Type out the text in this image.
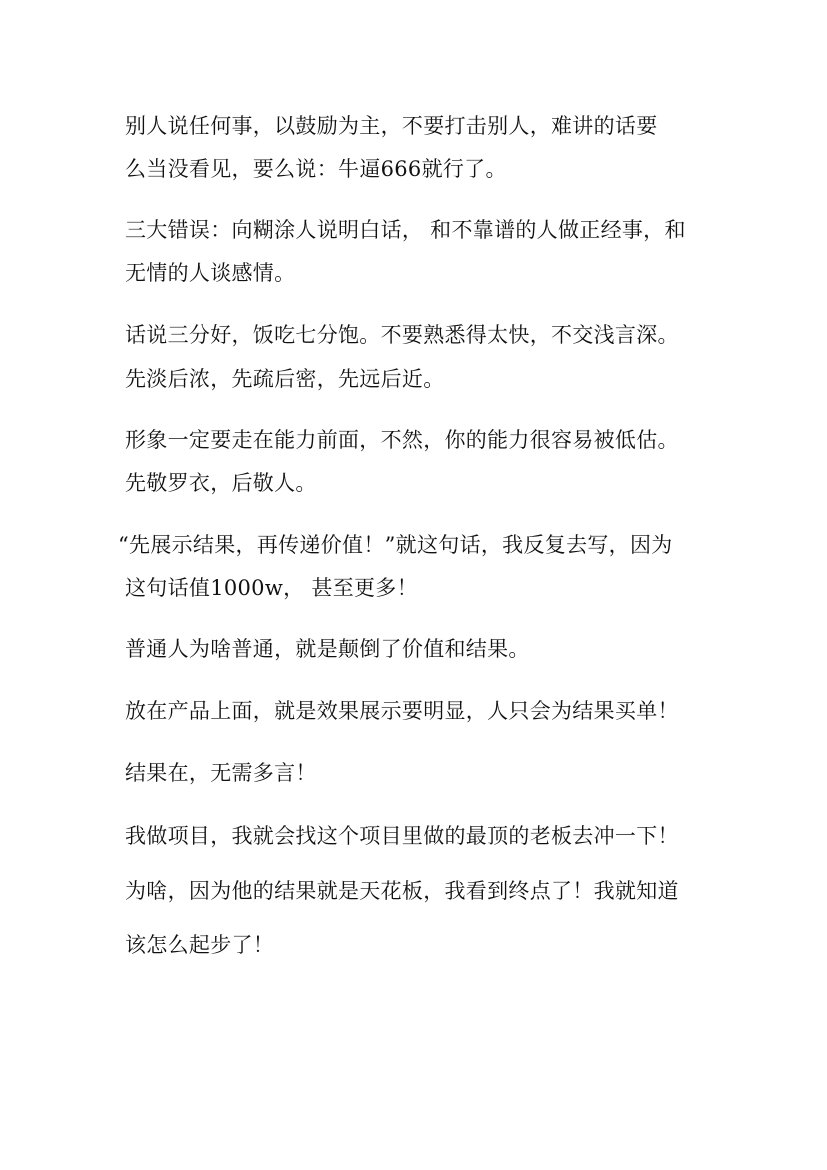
别人说任何事，以鼓励为主，不要打击别人，难讲的话要
么当没看见，要么说：牛逼666就行了。
三大错误：向糊涂人说明白话， 和不靠谱的人做正经事，和
无情的人谈感情。
话说三分好，饭吃七分饱。不要熟悉得太快，不交浅言深。
先淡后浓，先疏后密，先远后近。
形象一定要走在能力前面，不然，你的能力很容易被低估。
先敬罗衣，后敬人。
“先展示结果，再传递价值！”就这句话，我反复去写，因为
这句话值1000w， 甚至更多！
普通人为啥普通，就是颠倒了价值和结果。
放在产品上面，就是效果展示要明显，人只会为结果买单！
结果在，无需多言！
我做项目，我就会找这个项目里做的最顶的老板去冲一下！
为啥，因为他的结果就是天花板，我看到终点了！我就知道
该怎么起步了！
